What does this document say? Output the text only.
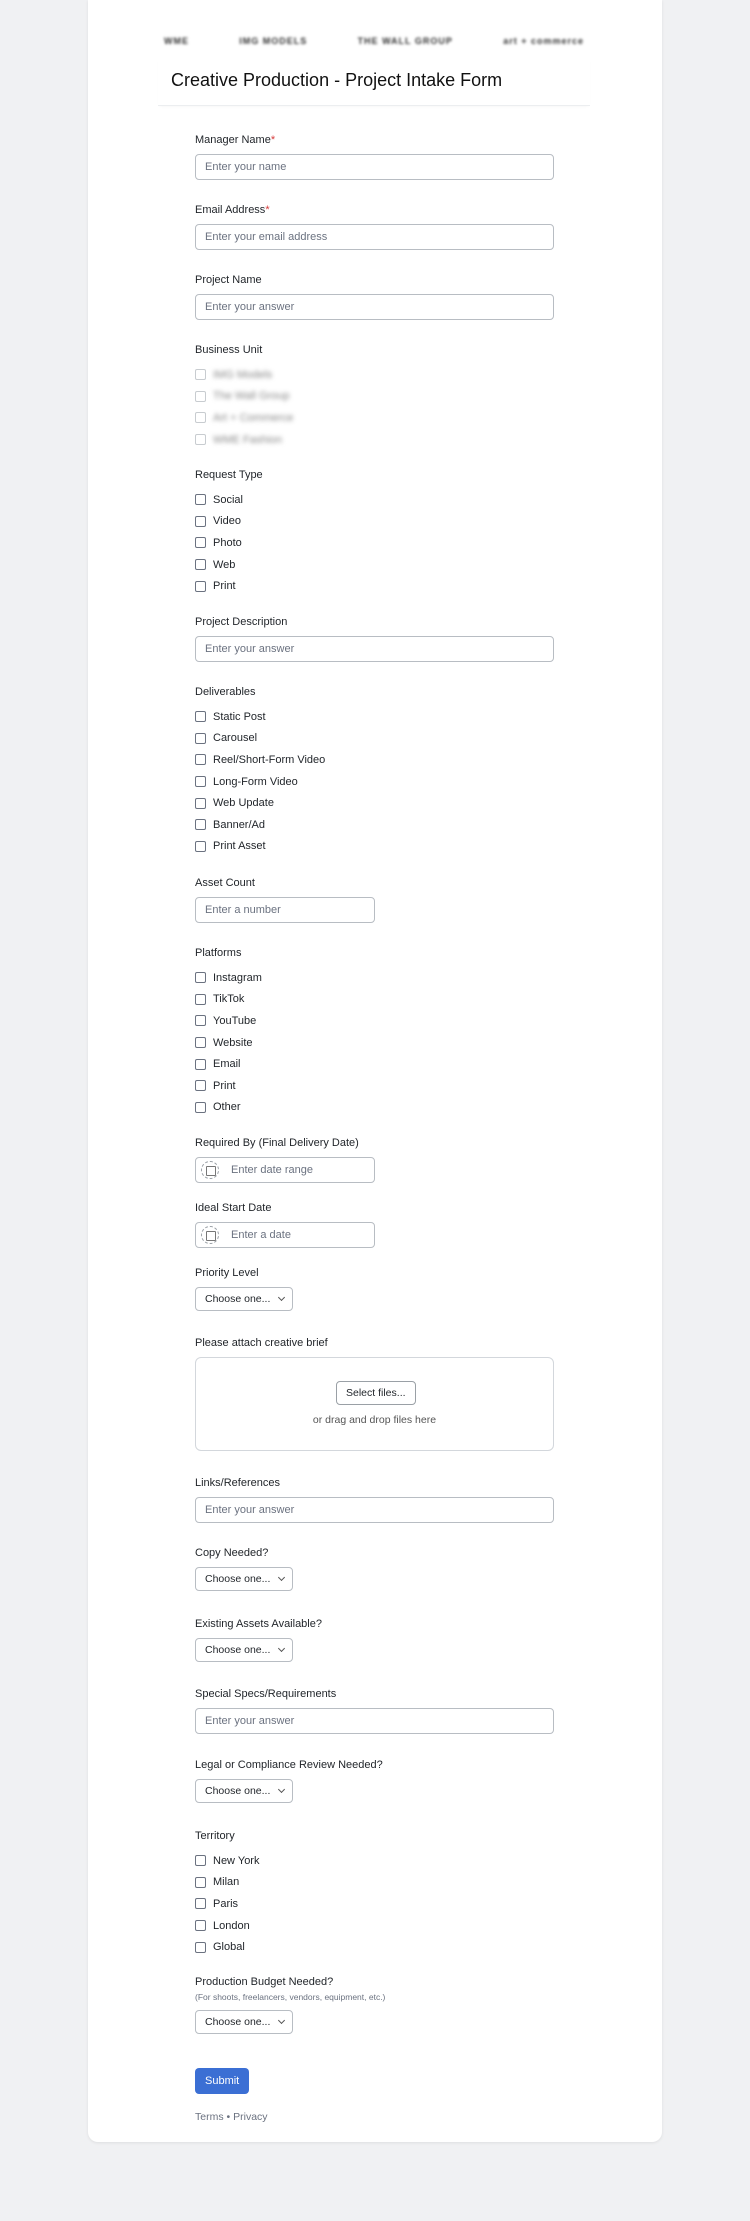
WME	IMG MODELS	THE WALL GROUP	art + commerce
Creative Production - Project Intake Form
Manager Name*
Enter your name
Email Address*
Enter your email address
Project Name
Enter your answer
Business Unit
IMG Models
The Wall Group
Art + Commerce
WME Fashion
Request Type
Social
Video
Photo
Web
Print
Project Description
Enter your answer
Deliverables
Static Post
Carousel
Reel/Short-Form Video
Long-Form Video
Web Update
Banner/Ad
Print Asset
Asset Count
Enter a number
Platforms
Instagram
TikTok
YouTube
Website
Email
Print
Other
Required By (Final Delivery Date)
Enter date range
Ideal Start Date
Enter a date
Priority Level
Choose one...
Please attach creative brief
Select files...
or drag and drop files here
Links/References
Enter your answer
Copy Needed?
Choose one...
Existing Assets Available?
Choose one...
Special Specs/Requirements
Enter your answer
Legal or Compliance Review Needed?
Choose one...
Territory
New York
Milan
Paris
London
Global
Production Budget Needed?
(For shoots, freelancers, vendors, equipment, etc.)
Choose one...
Submit
Terms • Privacy
